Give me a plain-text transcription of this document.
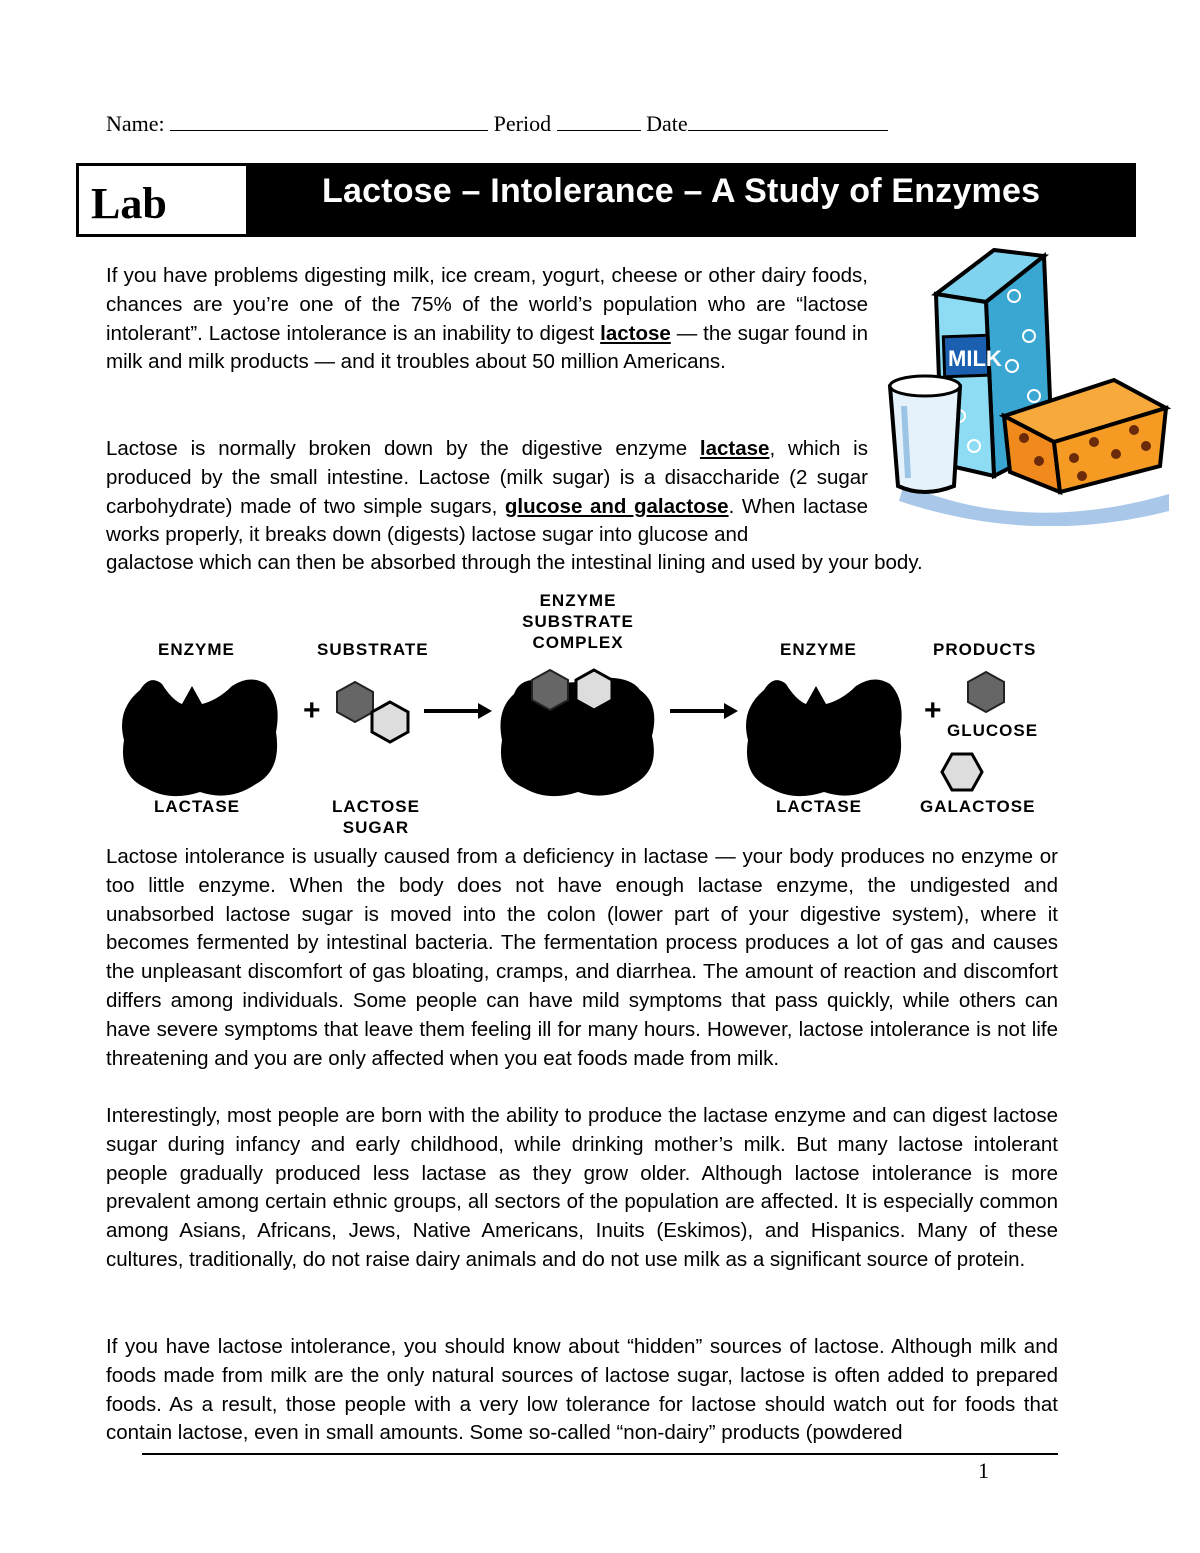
Name:	Period	Date
Lab	Lactose – Intolerance – A Study of Enzymes
If you have problems digesting milk, ice cream, yogurt, cheese or other dairy foods, chances are you’re one of the 75% of the world’s population who are “lactose intolerant”. Lactose intolerance is an inability to digest lactose — the sugar found in milk and milk products — and it troubles about 50 million Americans.
Lactose is normally broken down by the digestive enzyme lactase, which is produced by the small intestine. Lactose (milk sugar) is a disaccharide (2 sugar carbohydrate) made of two simple sugars, glucose and galactose. When lactase works properly, it breaks down (digests) lactose sugar into glucose and
galactose which can then be absorbed through the intestinal lining and used by your body.
MILK
ENZYME	SUBSTRATE
ENZYME
SUBSTRATE
COMPLEX	ENZYME	PRODUCTS
LACTASE	LACTOSE
SUGAR
LACTASE
GLUCOSE
GALACTOSE
+	+
Lactose intolerance is usually caused from a deficiency in lactase — your body produces no enzyme or too little enzyme. When the body does not have enough lactase enzyme, the undigested and unabsorbed lactose sugar is moved into the colon (lower part of your digestive system), where it becomes fermented by intestinal bacteria. The fermentation process produces a lot of gas and causes the unpleasant discomfort of gas bloating, cramps, and diarrhea. The amount of reaction and discomfort differs among individuals. Some people can have mild symptoms that pass quickly, while others can have severe symptoms that leave them feeling ill for many hours. However, lactose intolerance is not life threatening and you are only affected when you eat foods made from milk.
Interestingly, most people are born with the ability to produce the lactase enzyme and can digest lactose sugar during infancy and early childhood, while drinking mother’s milk. But many lactose intolerant people gradually produced less lactase as they grow older. Although lactose intolerance is more prevalent among certain ethnic groups, all sectors of the population are affected. It is especially common among Asians, Africans, Jews, Native Americans, Inuits (Eskimos), and Hispanics. Many of these cultures, traditionally, do not raise dairy animals and do not use milk as a significant source of protein.
If you have lactose intolerance, you should know about “hidden” sources of lactose. Although milk and foods made from milk are the only natural sources of lactose sugar, lactose is often added to prepared foods. As a result, those people with a very low tolerance for lactose should watch out for foods that contain lactose, even in small amounts. Some so-called “non-dairy” products (powdered
1
